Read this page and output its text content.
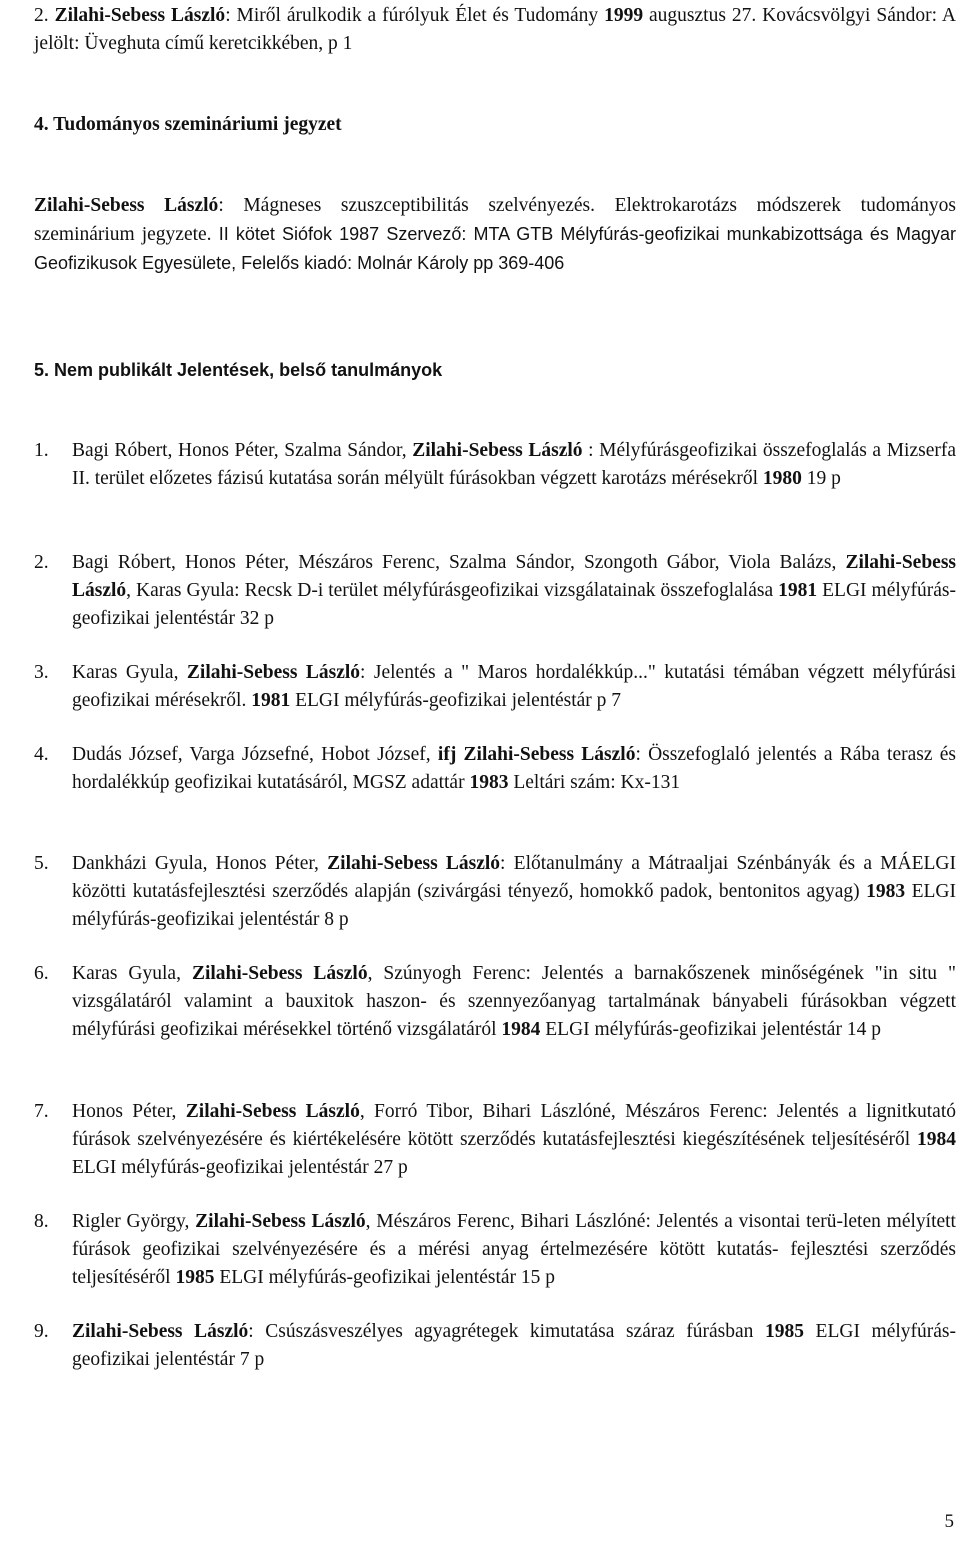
2. Zilahi-Sebess László: Miről árulkodik a fúrólyuk Élet és Tudomány 1999 augusztus 27. Kovácsvölgyi Sándor: A jelölt: Üveghuta című keretcikkében, p 1
4. Tudományos szemináriumi jegyzet
Zilahi-Sebess László: Mágneses szuszceptibilitás szelvényezés. Elektrokarotázs módszerek tudományos szeminárium jegyzete. II kötet Siófok 1987 Szervező: MTA GTB Mélyfúrás-geofizikai munkabizottsága és Magyar Geofizikusok Egyesülete, Felelős kiadó: Molnár Károly pp 369-406
5. Nem publikált Jelentések, belső tanulmányok
1. Bagi Róbert, Honos Péter, Szalma Sándor, Zilahi-Sebess László : Mélyfúrásgeofizikai összefoglalás a Mizserfa II. terület előzetes fázisú kutatása során mélyült fúrásokban végzett karotázs mérésekről 1980 19 p
2. Bagi Róbert, Honos Péter, Mészáros Ferenc, Szalma Sándor, Szongoth Gábor, Viola Balázs, Zilahi-Sebess László, Karas Gyula: Recsk D-i terület mélyfúrásgeofizikai vizsgálatainak összefoglalása 1981 ELGI mélyfúrás-geofizikai jelentéstár 32 p
3. Karas Gyula, Zilahi-Sebess László: Jelentés a " Maros hordalékkúp..." kutatási témában végzett mélyfúrási geofizikai mérésekről. 1981 ELGI mélyfúrás-geofizikai jelentéstár p 7
4. Dudás József, Varga Józsefné, Hobot József, ifj Zilahi-Sebess László: Összefoglaló jelentés a Rába terasz és hordalékkúp geofizikai kutatásáról, MGSZ adattár 1983 Leltári szám: Kx-131
5. Dankházi Gyula, Honos Péter, Zilahi-Sebess László: Előtanulmány a Mátraaljai Szénbányák és a MÁELGI közötti kutatásfejlesztési szerződés alapján (szivárgási tényező, homokkő padok, bentonitos agyag) 1983 ELGI mélyfúrás-geofizikai jelentéstár 8 p
6. Karas Gyula, Zilahi-Sebess László, Szúnyogh Ferenc: Jelentés a barnakőszenek minőségének "in situ " vizsgálatáról valamint a bauxitok haszon- és szennyezőanyag tartalmának bányabeli fúrásokban végzett mélyfúrási geofizikai mérésekkel történő vizsgálatáról 1984 ELGI mélyfúrás-geofizikai jelentéstár 14 p
7. Honos Péter, Zilahi-Sebess László, Forró Tibor, Bihari Lászlóné, Mészáros Ferenc: Jelentés a lignitkutató fúrások szelvényezésére és kiértékelésére kötött szerződés kutatásfejlesztési kiegészítésének teljesítéséről 1984 ELGI mélyfúrás-geofizikai jelentéstár 27 p
8. Rigler György, Zilahi-Sebess László, Mészáros Ferenc, Bihari Lászlóné: Jelentés a visontai terü-leten mélyített fúrások geofizikai szelvényezésére és a mérési anyag értelmezésére kötött kutatás- fejlesztési szerződés teljesítéséről 1985 ELGI mélyfúrás-geofizikai jelentéstár 15 p
9. Zilahi-Sebess László: Csúszásveszélyes agyagrétegek kimutatása száraz fúrásban 1985 ELGI mélyfúrás-geofizikai jelentéstár 7 p
5
